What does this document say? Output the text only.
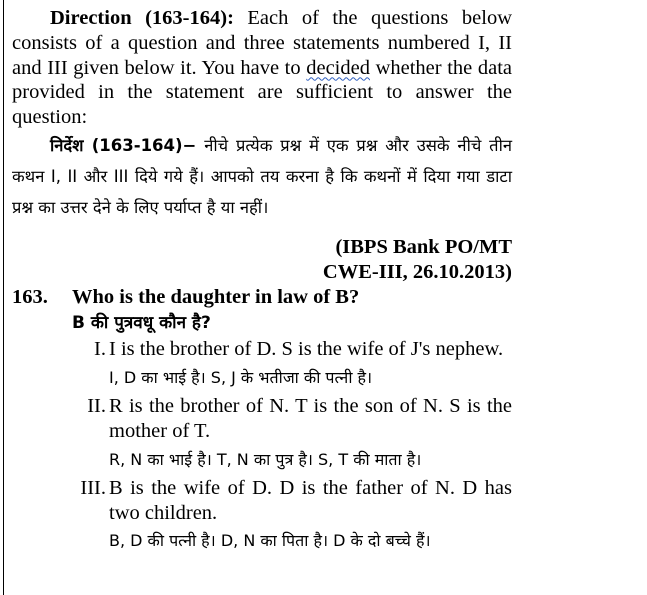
Direction (163-164): Each of the questions below consists of a question and three statements numbered I, II and III given below it. You have to decided whether the data provided in the statement are sufficient to answer the question:

निर्देश (163-164)− नीचे प्रत्येक प्रश्न में एक प्रश्न और उसके नीचे तीन कथन I, II और III दिये गये हैं। आपको तय करना है कि कथनों में दिया गया डाटा प्रश्न का उत्तर देने के लिए पर्याप्त है या नहीं।

(IBPS Bank PO/MT
CWE-III, 26.10.2013)
163.	Who is the daughter in law of B?
B की पुत्रवधू कौन है?
I. I is the brother of D. S is the wife of J's nephew.
I, D का भाई है। S, J के भतीजा की पत्नी है।
II. R is the brother of N. T is the son of N. S is the mother of T.
R, N का भाई है। T, N का पुत्र है। S, T की माता है।
III. B is the wife of D. D is the father of N. D has two children.
B, D की पत्नी है। D, N का पिता है। D के दो बच्चे हैं।
